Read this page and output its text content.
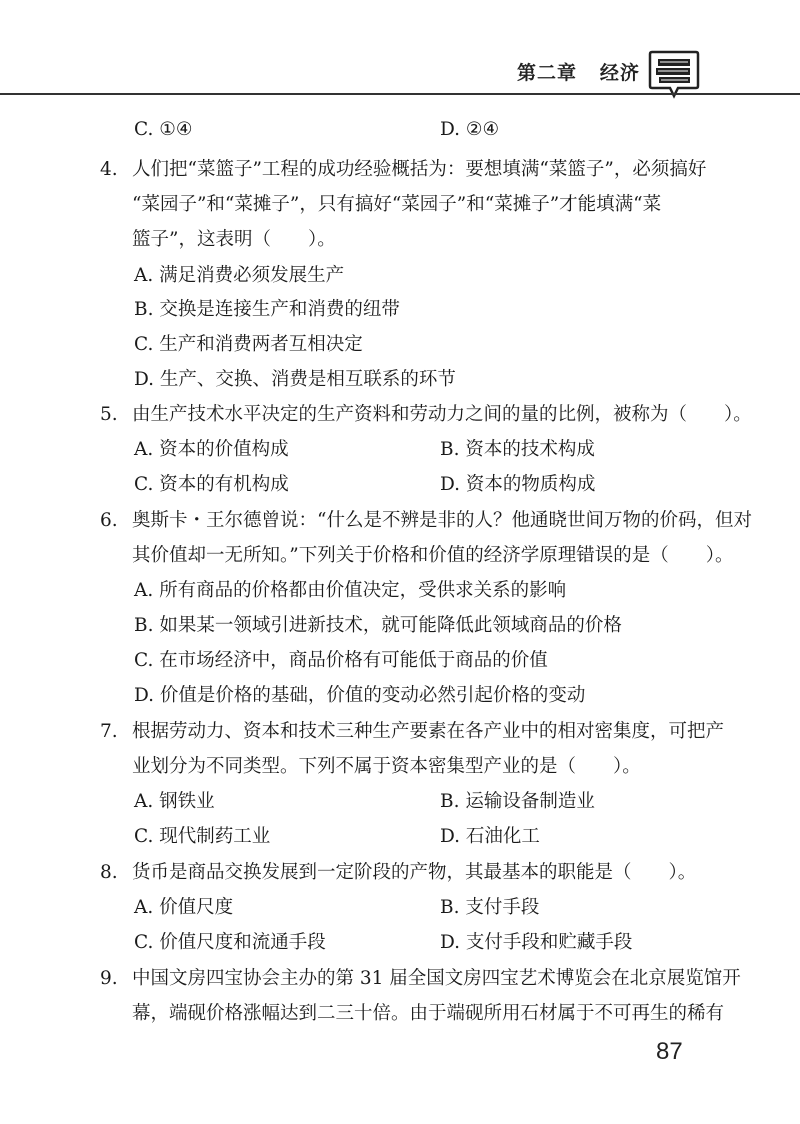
第二章 经济
C. ①④	D. ②④
4. 人们把“菜篮子”工程的成功经验概括为：要想填满“菜篮子”，必须搞好
“菜园子”和“菜摊子”，只有搞好“菜园子”和“菜摊子”才能填满“菜
篮子”，这表明（　　）。
A. 满足消费必须发展生产
B. 交换是连接生产和消费的纽带
C. 生产和消费两者互相决定
D. 生产、交换、消费是相互联系的环节
5. 由生产技术水平决定的生产资料和劳动力之间的量的比例，被称为（　　）。
A. 资本的价值构成	B. 资本的技术构成
C. 资本的有机构成	D. 资本的物质构成
6. 奥斯卡・王尔德曾说：“什么是不辨是非的人？他通晓世间万物的价码，但对
其价值却一无所知。”下列关于价格和价值的经济学原理错误的是（　　）。
A. 所有商品的价格都由价值决定，受供求关系的影响
B. 如果某一领域引进新技术，就可能降低此领域商品的价格
C. 在市场经济中，商品价格有可能低于商品的价值
D. 价值是价格的基础，价值的变动必然引起价格的变动
7. 根据劳动力、资本和技术三种生产要素在各产业中的相对密集度，可把产
业划分为不同类型。下列不属于资本密集型产业的是（　　）。
A. 钢铁业	B. 运输设备制造业
C. 现代制药工业	D. 石油化工
8. 货币是商品交换发展到一定阶段的产物，其最基本的职能是（　　）。
A. 价值尺度	B. 支付手段
C. 价值尺度和流通手段	D. 支付手段和贮藏手段
9. 中国文房四宝协会主办的第 31 届全国文房四宝艺术博览会在北京展览馆开
幕，端砚价格涨幅达到二三十倍。由于端砚所用石材属于不可再生的稀有
87
